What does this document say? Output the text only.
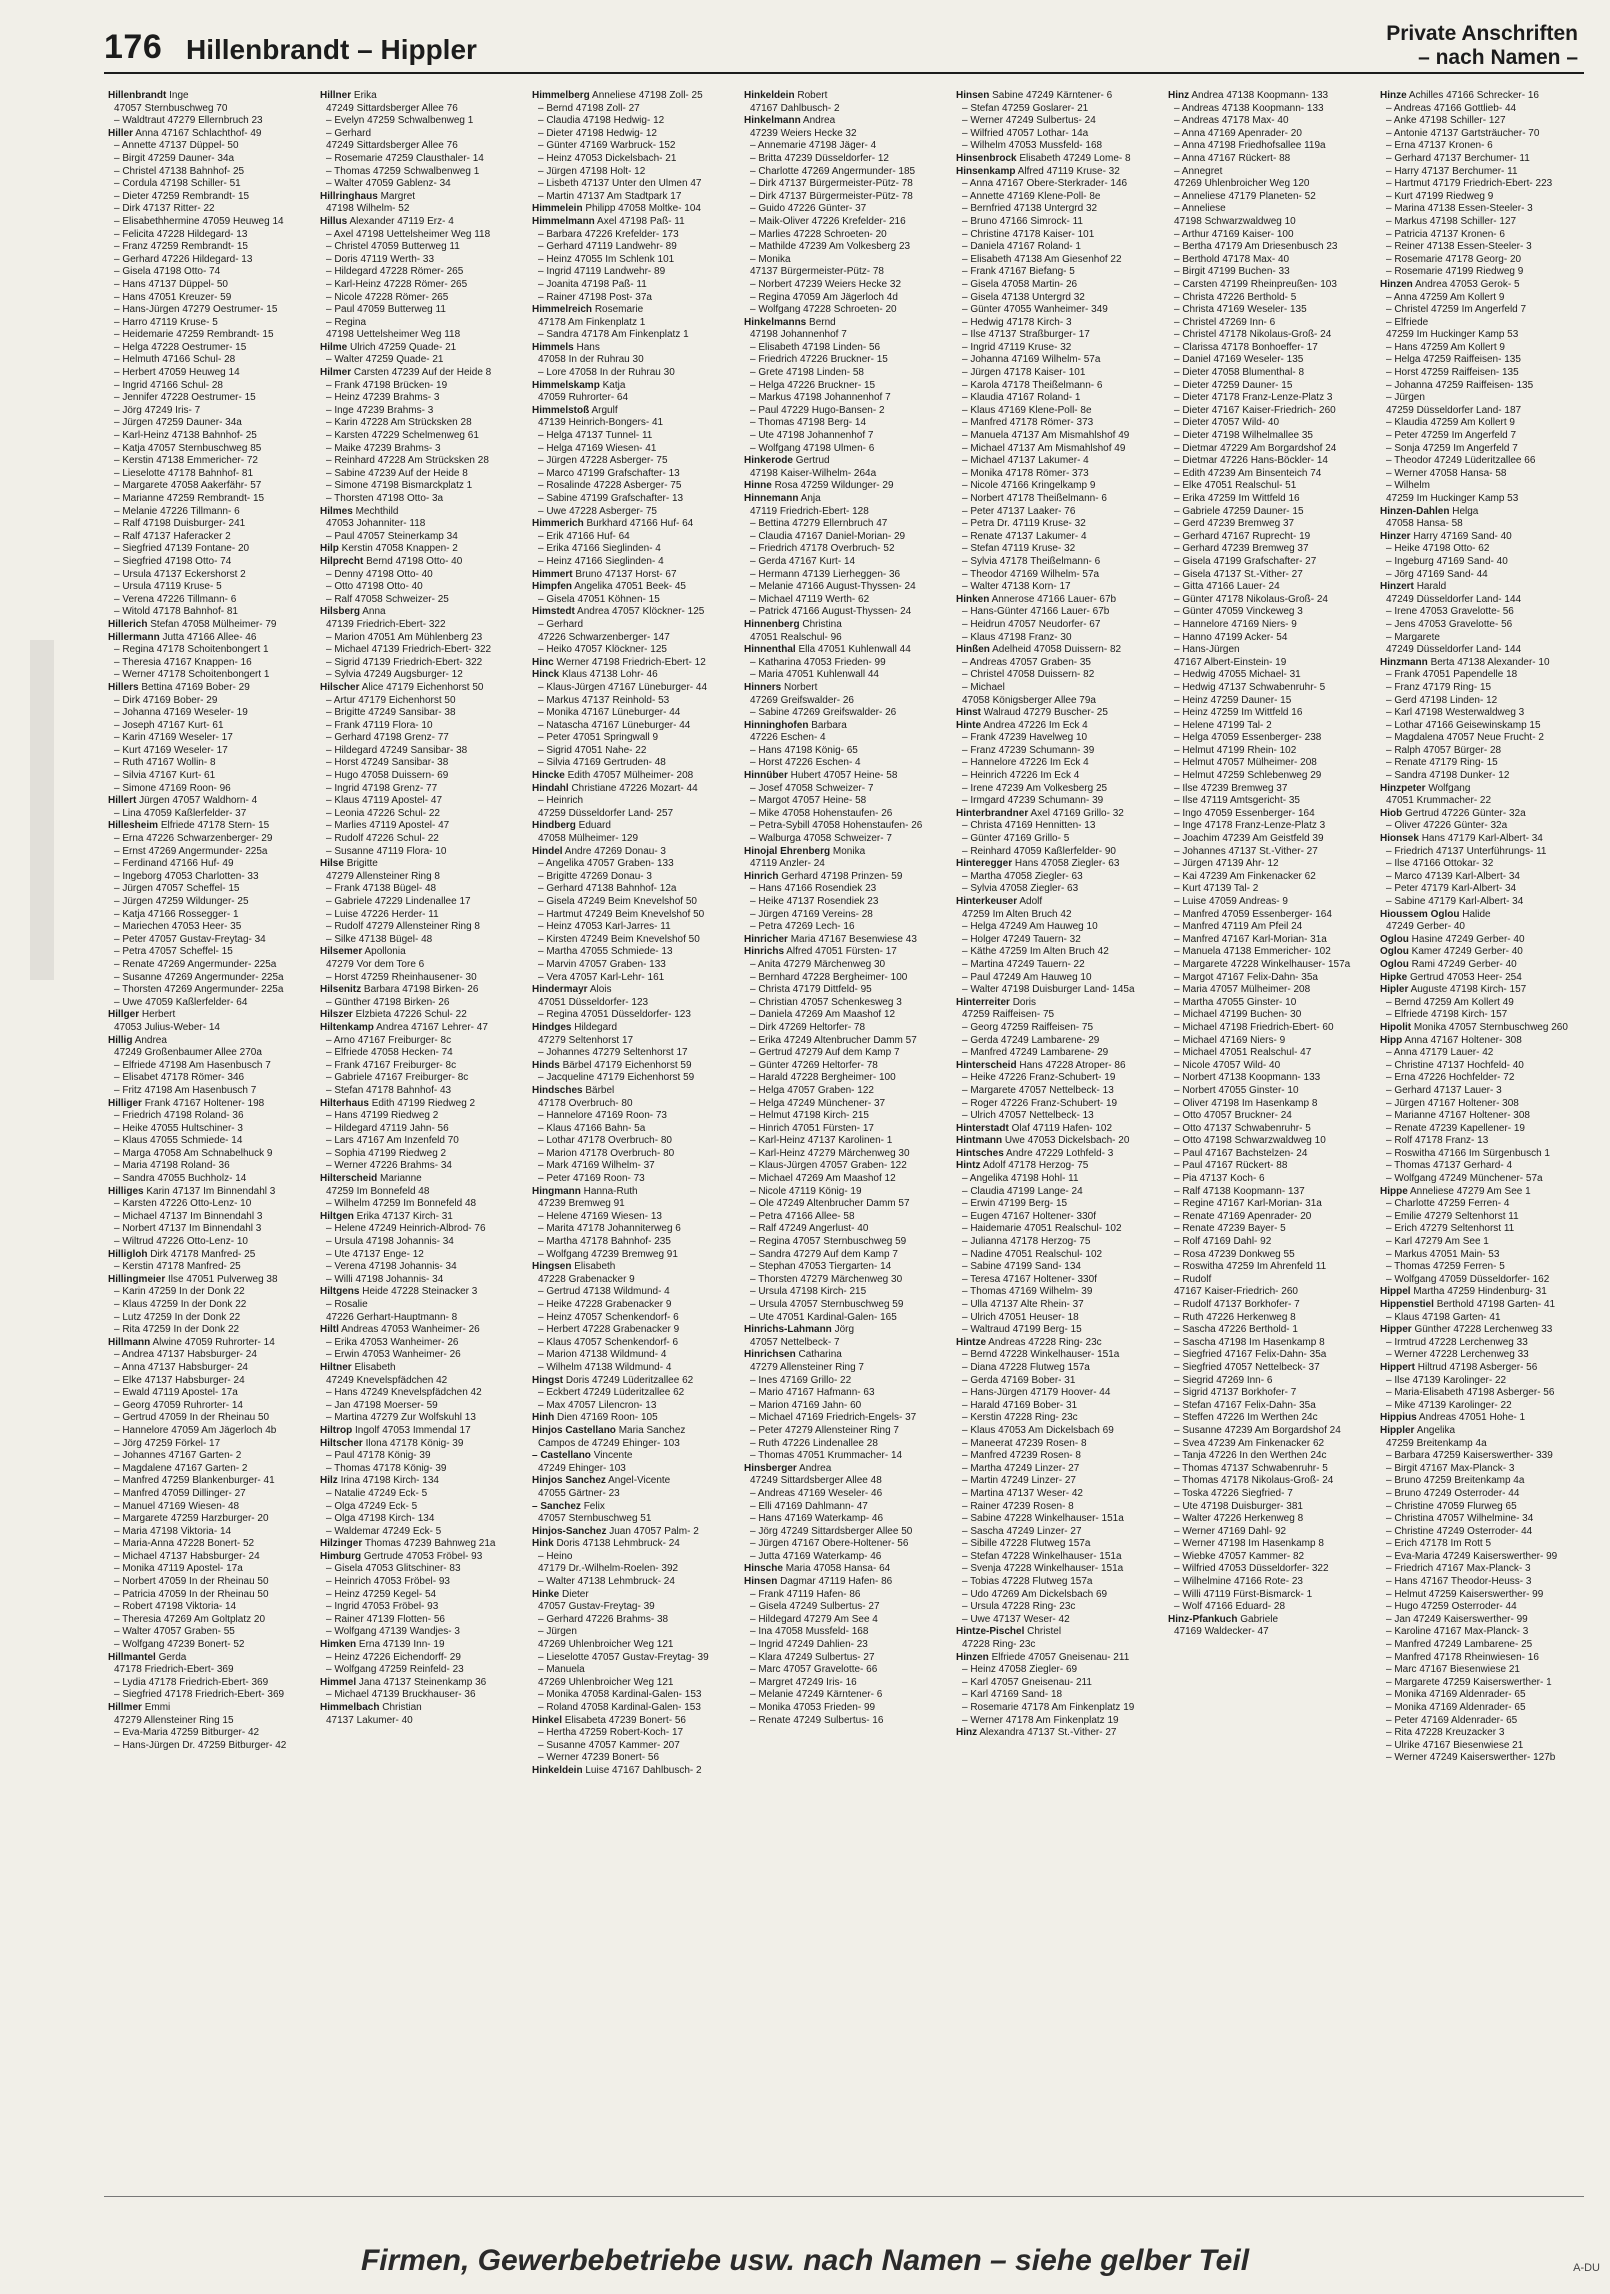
176 Hillenbrandt – Hippler
Private Anschriften
– nach Namen –
Hillenbrandt Inge
47057 Sternbuschweg 70
– Waldtraut 47279 Ellernbruch 23
Hiller Anna 47167 Schlachthof- 49
– Annette 47137 Düppel- 50
– Birgit 47259 Dauner- 34a
– Christel 47138 Bahnhof- 25
– Cordula 47198 Schiller- 51
– Dieter 47259 Rembrandt- 15
– Dirk 47137 Ritter- 22
– Elisabethhermine 47059 Heuweg 14
– Felicita 47228 Hildegard- 13
– Franz 47259 Rembrandt- 15
– Gerhard 47226 Hildegard- 13
– Gisela 47198 Otto- 74
– Hans 47137 Düppel- 50
– Hans 47051 Kreuzer- 59
– Hans-Jürgen 47279 Oestrumer- 15
– Harro 47119 Kruse- 5
– Heidemarie 47259 Rembrandt- 15
– Helga 47228 Oestrumer- 15
– Helmuth 47166 Schul- 28
– Herbert 47059 Heuweg 14
– Ingrid 47166 Schul- 28
– Jennifer 47228 Oestrumer- 15
– Jörg 47249 Iris- 7
– Jürgen 47259 Dauner- 34a
– Karl-Heinz 47138 Bahnhof- 25
– Katja 47057 Sternbuschweg 85
– Kerstin 47138 Emmericher- 72
– Lieselotte 47178 Bahnhof- 81
– Margarete 47058 Aakerfähr- 57
– Marianne 47259 Rembrandt- 15
– Melanie 47226 Tillmann- 6
– Ralf 47198 Duisburger- 241
– Ralf 47137 Haferacker 2
– Siegfried 47139 Fontane- 20
– Siegfried 47198 Otto- 74
– Ursula 47137 Eckershorst 2
– Ursula 47119 Kruse- 5
– Verena 47226 Tillmann- 6
– Witold 47178 Bahnhof- 81
Hillerich Stefan 47058 Mülheimer- 79
Hillermann Jutta 47166 Allee- 46
– Regina 47178 Schoitenbongert 1
– Theresia 47167 Knappen- 16
– Werner 47178 Schoitenbongert 1
Hillers Bettina 47169 Bober- 29
– Dirk 47169 Bober- 29
– Johanna 47169 Weseler- 19
– Joseph 47167 Kurt- 61
– Karin 47169 Weseler- 17
– Kurt 47169 Weseler- 17
– Ruth 47167 Wollin- 8
– Silvia 47167 Kurt- 61
– Simone 47169 Roon- 96
Hillert Jürgen 47057 Waldhorn- 4
– Lina 47059 Kaßlerfelder- 37
Hillesheim Elfriede 47178 Stern- 15
– Erna 47226 Schwarzenberger- 29
– Ernst 47269 Angermunder- 225a
– Ferdinand 47166 Huf- 49
– Ingeborg 47053 Charlotten- 33
– Jürgen 47057 Scheffel- 15
– Jürgen 47259 Wildunger- 25
– Katja 47166 Rossegger- 1
– Mariechen 47053 Heer- 35
– Peter 47057 Gustav-Freytag- 34
– Petra 47057 Scheffel- 15
– Renate 47269 Angermunder- 225a
– Susanne 47269 Angermunder- 225a
– Thorsten 47269 Angermunder- 225a
– Uwe 47059 Kaßlerfelder- 64
Hillger Herbert
47053 Julius-Weber- 14
Hillig Andrea
47249 Großenbaumer Allee 270a
– Elfriede 47198 Am Hasenbusch 7
– Elisabet 47178 Römer- 346
– Fritz 47198 Am Hasenbusch 7
Hilliger Frank 47167 Holtener- 198
– Friedrich 47198 Roland- 36
– Heike 47055 Hultschiner- 3
– Klaus 47055 Schmiede- 14
– Marga 47058 Am Schnabelhuck 9
– Maria 47198 Roland- 36
– Sandra 47055 Buchholz- 14
Hilliges Karin 47137 Im Binnendahl 3
– Karsten 47226 Otto-Lenz- 10
– Michael 47137 Im Binnendahl 3
– Norbert 47137 Im Binnendahl 3
– Wiltrud 47226 Otto-Lenz- 10
Hilligloh Dirk 47178 Manfred- 25
– Kerstin 47178 Manfred- 25
Hillingmeier Ilse 47051 Pulverweg 38
– Karin 47259 In der Donk 22
– Klaus 47259 In der Donk 22
– Lutz 47259 In der Donk 22
– Rita 47259 In der Donk 22
Hillmann Alwine 47059 Ruhrorter- 14
– Andrea 47137 Habsburger- 24
– Anna 47137 Habsburger- 24
– Elke 47137 Habsburger- 24
– Ewald 47119 Apostel- 17a
– Georg 47059 Ruhrorter- 14
– Gertrud 47059 In der Rheinau 50
– Hannelore 47059 Am Jägerloch 4b
– Jörg 47259 Förkel- 17
– Johannes 47167 Garten- 2
– Magdalene 47167 Garten- 2
– Manfred 47259 Blankenburger- 41
– Manfred 47059 Dillinger- 27
– Manuel 47169 Wiesen- 48
– Margarete 47259 Harzburger- 20
– Maria 47198 Viktoria- 14
– Maria-Anna 47228 Bonert- 52
– Michael 47137 Habsburger- 24
– Monika 47119 Apostel- 17a
– Norbert 47059 In der Rheinau 50
– Patricia 47059 In der Rheinau 50
– Robert 47198 Viktoria- 14
– Theresia 47269 Am Goltplatz 20
– Walter 47057 Graben- 55
– Wolfgang 47239 Bonert- 52
Hillmantel Gerda
47178 Friedrich-Ebert- 369
– Lydia 47178 Friedrich-Ebert- 369
– Siegfried 47178 Friedrich-Ebert- 369
Hillmer Emmi
47279 Allensteiner Ring 15
– Eva-Maria 47259 Bitburger- 42
– Hans-Jürgen Dr. 47259 Bitburger- 42
Hillner Erika
47249 Sittardsberger Allee 76
– Evelyn 47259 Schwalbenweg 1
– Gerhard
47249 Sittardsberger Allee 76
– Rosemarie 47259 Clausthaler- 14
– Thomas 47259 Schwalbenweg 1
– Walter 47059 Gablenz- 34
Hillringhaus Margret
47198 Wilhelm- 52
Hillus Alexander 47119 Erz- 4
– Axel 47198 Uettelsheimer Weg 118
– Christel 47059 Butterweg 11
– Doris 47119 Werth- 33
– Hildegard 47228 Römer- 265
– Karl-Heinz 47228 Römer- 265
– Nicole 47228 Römer- 265
– Paul 47059 Butterweg 11
– Regina
47198 Uettelsheimer Weg 118
Hilme Ulrich 47259 Quade- 21
– Walter 47259 Quade- 21
Hilmer Carsten 47239 Auf der Heide 8
– Frank 47198 Brücken- 19
– Heinz 47239 Brahms- 3
– Inge 47239 Brahms- 3
– Karin 47228 Am Strücksken 28
– Karsten 47229 Schelmenweg 61
– Maike 47239 Brahms- 3
– Reinhard 47228 Am Strücksken 28
– Sabine 47239 Auf der Heide 8
– Simone 47198 Bismarckplatz 1
– Thorsten 47198 Otto- 3a
Hilmes Mechthild
47053 Johanniter- 118
– Paul 47057 Steinerkamp 34
Hilp Kerstin 47058 Knappen- 2
Hilprecht Bernd 47198 Otto- 40
– Denny 47198 Otto- 40
– Otto 47198 Otto- 40
– Ralf 47058 Schweizer- 25
Hilsberg Anna
47139 Friedrich-Ebert- 322
– Marion 47051 Am Mühlenberg 23
– Michael 47139 Friedrich-Ebert- 322
– Sigrid 47139 Friedrich-Ebert- 322
– Sylvia 47249 Augsburger- 12
Hilscher Alice 47179 Eichenhorst 50
– Artur 47179 Eichenhorst 50
– Brigitte 47249 Sansibar- 38
– Frank 47119 Flora- 10
– Gerhard 47198 Grenz- 77
– Hildegard 47249 Sansibar- 38
– Horst 47249 Sansibar- 38
– Hugo 47058 Duissern- 69
– Ingrid 47198 Grenz- 77
– Klaus 47119 Apostel- 47
– Leonia 47226 Schul- 22
– Marlies 47119 Apostel- 47
– Rudolf 47226 Schul- 22
– Susanne 47119 Flora- 10
Hilse Brigitte
47279 Allensteiner Ring 8
– Frank 47138 Bügel- 48
– Gabriele 47229 Lindenallee 17
– Luise 47226 Herder- 11
– Rudolf 47279 Allensteiner Ring 8
– Silke 47138 Bügel- 48
Hilsemer Apollonia
47279 Vor dem Tore 6
– Horst 47259 Rheinhausener- 30
Hilsenitz Barbara 47198 Birken- 26
– Günther 47198 Birken- 26
Hilszer Elzbieta 47226 Schul- 22
Hiltenkamp Andrea 47167 Lehrer- 47
– Arno 47167 Freiburger- 8c
– Elfriede 47058 Hecken- 74
– Frank 47167 Freiburger- 8c
– Gabriele 47167 Freiburger- 8c
– Stefan 47178 Bahnhof- 43
Hilterhaus Edith 47199 Riedweg 2
– Hans 47199 Riedweg 2
– Hildegard 47119 Jahn- 56
– Lars 47167 Am Inzenfeld 70
– Sophia 47199 Riedweg 2
– Werner 47226 Brahms- 34
Hilterscheid Marianne
47259 Im Bonnefeld 48
– Wilhelm 47259 Im Bonnefeld 48
Hiltgen Erika 47137 Kirch- 31
– Helene 47249 Heinrich-Albrod- 76
– Ursula 47198 Johannis- 34
– Ute 47137 Enge- 12
– Verena 47198 Johannis- 34
– Willi 47198 Johannis- 34
Hiltgens Heide 47228 Steinacker 3
– Rosalie
47226 Gerhart-Hauptmann- 8
Hiltl Andreas 47053 Wanheimer- 26
– Erika 47053 Wanheimer- 26
– Erwin 47053 Wanheimer- 26
Hiltner Elisabeth
47249 Knevelspfädchen 42
– Hans 47249 Knevelspfädchen 42
– Jan 47198 Moerser- 59
– Martina 47279 Zur Wolfskuhl 13
Hiltrop Ingolf 47053 Immendal 17
Hiltscher Ilona 47178 König- 39
– Paul 47178 König- 39
– Thomas 47178 König- 39
Hilz Irina 47198 Kirch- 134
– Natalie 47249 Eck- 5
– Olga 47249 Eck- 5
– Olga 47198 Kirch- 134
– Waldemar 47249 Eck- 5
Hilzinger Thomas 47239 Bahnweg 21a
Himburg Gertrude 47053 Fröbel- 93
– Gisela 47053 Glitschiner- 83
– Heinrich 47053 Fröbel- 93
– Heinz 47259 Kegel- 54
– Ingrid 47053 Fröbel- 93
– Rainer 47139 Flotten- 56
– Wolfgang 47139 Wandjes- 3
Himken Erna 47139 Inn- 19
– Heinz 47226 Eichendorff- 29
– Wolfgang 47259 Reinfeld- 23
Himmel Jana 47137 Steinenkamp 36
– Michael 47139 Bruckhauser- 36
Himmelbach Christian
47137 Lakumer- 40
Himmelberg Anneliese 47198 Zoll- 25
– Bernd 47198 Zoll- 27
– Claudia 47198 Hedwig- 12
– Dieter 47198 Hedwig- 12
– Günter 47169 Warbruck- 152
– Heinz 47053 Dickelsbach- 21
– Jürgen 47198 Holt- 12
– Lisbeth 47137 Unter den Ulmen 47
– Martin 47137 Am Stadtpark 17
Himmelein Philipp 47058 Moltke- 104
Himmelmann Axel 47198 Paß- 11
– Barbara 47226 Krefelder- 173
– Gerhard 47119 Landwehr- 89
– Heinz 47055 Im Schlenk 101
– Ingrid 47119 Landwehr- 89
– Joanita 47198 Paß- 11
– Rainer 47198 Post- 37a
Himmelreich Rosemarie
47178 Am Finkenplatz 1
– Sandra 47178 Am Finkenplatz 1
Himmels Hans
47058 In der Ruhrau 30
– Lore 47058 In der Ruhrau 30
Himmelskamp Katja
47059 Ruhrorter- 64
Himmelstoß Argulf
47139 Heinrich-Bongers- 41
– Helga 47137 Tunnel- 11
– Helga 47169 Wiesen- 41
– Jürgen 47228 Asberger- 75
– Marco 47199 Grafschafter- 13
– Rosalinde 47228 Asberger- 75
– Sabine 47199 Grafschafter- 13
– Uwe 47228 Asberger- 75
Himmerich Burkhard 47166 Huf- 64
– Erik 47166 Huf- 64
– Erika 47166 Sieglinden- 4
– Heinz 47166 Sieglinden- 4
Himmert Bruno 47137 Horst- 67
Himpfen Angelika 47051 Beek- 45
– Gisela 47051 Köhnen- 15
Himstedt Andrea 47057 Klöckner- 125
– Gerhard
47226 Schwarzenberger- 147
– Heiko 47057 Klöckner- 125
Hinc Werner 47198 Friedrich-Ebert- 12
Hinck Klaus 47138 Lohr- 46
– Klaus-Jürgen 47167 Lüneburger- 44
– Markus 47137 Reinhold- 53
– Monika 47167 Lüneburger- 44
– Natascha 47167 Lüneburger- 44
– Peter 47051 Springwall 9
– Sigrid 47051 Nahe- 22
– Silvia 47169 Gertruden- 48
Hincke Edith 47057 Mülheimer- 208
Hindahl Christiane 47226 Mozart- 44
– Heinrich
47259 Düsseldorfer Land- 257
Hindberg Eduard
47058 Mülheimer- 129
Hindel Andre 47269 Donau- 3
– Angelika 47057 Graben- 133
– Brigitte 47269 Donau- 3
– Gerhard 47138 Bahnhof- 12a
– Gisela 47249 Beim Knevelshof 50
– Hartmut 47249 Beim Knevelshof 50
– Heinz 47053 Karl-Jarres- 11
– Kirsten 47249 Beim Knevelshof 50
– Martha 47055 Schmiede- 13
– Marvin 47057 Graben- 133
– Vera 47057 Karl-Lehr- 161
Hindermayr Alois
47051 Düsseldorfer- 123
– Regina 47051 Düsseldorfer- 123
Hindges Hildegard
47279 Seltenhorst 17
– Johannes 47279 Seltenhorst 17
Hinds Bärbel 47179 Eichenhorst 59
– Jacqueline 47179 Eichenhorst 59
Hindsches Bärbel
47178 Overbruch- 80
– Hannelore 47169 Roon- 73
– Klaus 47166 Bahn- 5a
– Lothar 47178 Overbruch- 80
– Marion 47178 Overbruch- 80
– Mark 47169 Wilhelm- 37
– Peter 47169 Roon- 73
Hingmann Hanna-Ruth
47239 Bremweg 91
– Helene 47169 Wiesen- 13
– Marita 47178 Johanniterweg 6
– Martha 47178 Bahnhof- 235
– Wolfgang 47239 Bremweg 91
Hingsen Elisabeth
47228 Grabenacker 9
– Gertrud 47138 Wildmund- 4
– Heike 47228 Grabenacker 9
– Heinz 47057 Schenkendorf- 6
– Herbert 47228 Grabenacker 9
– Klaus 47057 Schenkendorf- 6
– Marion 47138 Wildmund- 4
– Wilhelm 47138 Wildmund- 4
Hingst Doris 47249 Lüderitzallee 62
– Eckbert 47249 Lüderitzallee 62
– Max 47057 Lilencron- 13
Hinh Dien 47169 Roon- 105
Hinjos Castellano Maria Sanchez
Campos de 47249 Ehinger- 103
– Castellano Vincente
47249 Ehinger- 103
Hinjos Sanchez Angel-Vicente
47055 Gärtner- 23
– Sanchez Felix
47057 Sternbuschweg 51
Hinjos-Sanchez Juan 47057 Palm- 2
Hink Doris 47138 Lehmbruck- 24
– Heino
47179 Dr.-Wilhelm-Roelen- 392
– Walter 47138 Lehmbruck- 24
Hinke Dieter
47057 Gustav-Freytag- 39
– Gerhard 47226 Brahms- 38
– Jürgen
47269 Uhlenbroicher Weg 121
– Lieselotte 47057 Gustav-Freytag- 39
– Manuela
47269 Uhlenbroicher Weg 121
– Monika 47058 Kardinal-Galen- 153
– Roland 47058 Kardinal-Galen- 153
Hinkel Elisabeta 47239 Bonert- 56
– Hertha 47259 Robert-Koch- 17
– Susanne 47057 Kammer- 207
– Werner 47239 Bonert- 56
Hinkeldein Luise 47167 Dahlbusch- 2
Hinkeldein Robert
47167 Dahlbusch- 2
Hinkelmann Andrea
47239 Weiers Hecke 32
– Annemarie 47198 Jäger- 4
– Britta 47239 Düsseldorfer- 12
– Charlotte 47269 Angermunder- 185
– Dirk 47137 Bürgermeister-Pütz- 78
– Dirk 47137 Bürgermeister-Pütz- 78
– Guido 47226 Günter- 37
– Maik-Oliver 47226 Krefelder- 216
– Marlies 47228 Schroeten- 20
– Mathilde 47239 Am Volkesberg 23
– Monika
47137 Bürgermeister-Pütz- 78
– Norbert 47239 Weiers Hecke 32
– Regina 47059 Am Jägerloch 4d
– Wolfgang 47228 Schroeten- 20
Hinkelmanns Bernd
47198 Johannenhof 7
– Elisabeth 47198 Linden- 56
– Friedrich 47226 Bruckner- 15
– Grete 47198 Linden- 58
– Helga 47226 Bruckner- 15
– Markus 47198 Johannenhof 7
– Paul 47229 Hugo-Bansen- 2
– Thomas 47198 Berg- 14
– Ute 47198 Johannenhof 7
– Wolfgang 47198 Ulmen- 6
Hinkerode Gertrud
47198 Kaiser-Wilhelm- 264a
Hinne Rosa 47259 Wildunger- 29
Hinnemann Anja
47119 Friedrich-Ebert- 128
– Bettina 47279 Ellernbruch 47
– Claudia 47167 Daniel-Morian- 29
– Friedrich 47178 Overbruch- 52
– Gerda 47167 Kurt- 14
– Hermann 47139 Lierheggen- 36
– Melanie 47166 August-Thyssen- 24
– Michael 47119 Werth- 62
– Patrick 47166 August-Thyssen- 24
Hinnenberg Christina
47051 Realschul- 96
Hinnenthal Ella 47051 Kuhlenwall 44
– Katharina 47053 Frieden- 99
– Maria 47051 Kuhlenwall 44
Hinners Norbert
47269 Greifswalder- 26
– Sabine 47269 Greifswalder- 26
Hinninghofen Barbara
47226 Eschen- 4
– Hans 47198 König- 65
– Horst 47226 Eschen- 4
Hinnüber Hubert 47057 Heine- 58
– Josef 47058 Schweizer- 7
– Margot 47057 Heine- 58
– Mike 47058 Hohenstaufen- 26
– Petra-Sybill 47058 Hohenstaufen- 26
– Walburga 47058 Schweizer- 7
Hinojal Ehrenberg Monika
47119 Anzler- 24
Hinrich Gerhard 47198 Prinzen- 59
– Hans 47166 Rosendiek 23
– Heike 47137 Rosendiek 23
– Jürgen 47169 Vereins- 28
– Petra 47269 Lech- 16
Hinricher Maria 47167 Besenwiese 43
Hinrichs Alfred 47051 Fürsten- 17
– Anita 47279 Märchenweg 30
– Bernhard 47228 Bergheimer- 100
– Christa 47179 Dittfeld- 95
– Christian 47057 Schenkesweg 3
– Daniela 47269 Am Maashof 12
– Dirk 47269 Heltorfer- 78
– Erika 47249 Altenbrucher Damm 57
– Gertrud 47279 Auf dem Kamp 7
– Günter 47269 Heltorfer- 78
– Harald 47228 Bergheimer- 100
– Helga 47057 Graben- 122
– Helga 47249 Münchener- 37
– Helmut 47198 Kirch- 215
– Hinrich 47051 Fürsten- 17
– Karl-Heinz 47137 Karolinen- 1
– Karl-Heinz 47279 Märchenweg 30
– Klaus-Jürgen 47057 Graben- 122
– Michael 47269 Am Maashof 12
– Nicole 47119 König- 19
– Ole 47249 Altenbrucher Damm 57
– Petra 47166 Allee- 58
– Ralf 47249 Angerlust- 40
– Regina 47057 Sternbuschweg 59
– Sandra 47279 Auf dem Kamp 7
– Stephan 47053 Tiergarten- 14
– Thorsten 47279 Märchenweg 30
– Ursula 47198 Kirch- 215
– Ursula 47057 Sternbuschweg 59
– Ute 47051 Kardinal-Galen- 165
Hinrichs-Lahmann Jörg
47057 Nettelbeck- 7
Hinrichsen Catharina
47279 Allensteiner Ring 7
– Ines 47169 Grillo- 22
– Mario 47167 Hafmann- 63
– Marion 47169 Jahn- 60
– Michael 47169 Friedrich-Engels- 37
– Peter 47279 Allensteiner Ring 7
– Ruth 47226 Lindenallee 28
– Thomas 47051 Krummacher- 14
Hinsberger Andrea
47249 Sittardsberger Allee 48
– Andreas 47169 Weseler- 46
– Elli 47169 Dahlmann- 47
– Hans 47169 Waterkamp- 46
– Jörg 47249 Sittardsberger Allee 50
– Jürgen 47167 Obere-Holtener- 56
– Jutta 47169 Waterkamp- 46
Hinsche Maria 47058 Hansa- 64
Hinsen Dagmar 47119 Hafen- 86
– Frank 47119 Hafen- 86
– Gisela 47249 Sulbertus- 27
– Hildegard 47279 Am See 4
– Ina 47058 Mussfeld- 168
– Ingrid 47249 Dahlien- 23
– Klara 47249 Sulbertus- 27
– Marc 47057 Gravelotte- 66
– Margret 47249 Iris- 16
– Melanie 47249 Kärntener- 6
– Monika 47053 Frieden- 99
– Renate 47249 Sulbertus- 16
Hinsen Sabine 47249 Kärntener- 6
– Stefan 47259 Goslarer- 21
– Werner 47249 Sulbertus- 24
– Wilfried 47057 Lothar- 14a
– Wilhelm 47053 Mussfeld- 168
Hinsenbrock Elisabeth 47249 Lome- 8
Hinsenkamp Alfred 47119 Kruse- 32
– Anna 47167 Obere-Sterkrader- 146
– Annette 47169 Klene-Poll- 8e
– Bernfried 47138 Untergrd 32
– Bruno 47166 Simrock- 11
– Christine 47178 Kaiser- 101
– Daniela 47167 Roland- 1
– Elisabeth 47138 Am Giesenhof 22
– Frank 47167 Biefang- 5
– Gisela 47058 Martin- 26
– Gisela 47138 Untergrd 32
– Günter 47055 Wanheimer- 349
– Hedwig 47178 Kirch- 3
– Ilse 47137 Straßburger- 17
– Ingrid 47119 Kruse- 32
– Johanna 47169 Wilhelm- 57a
– Jürgen 47178 Kaiser- 101
– Karola 47178 Theißelmann- 6
– Klaudia 47167 Roland- 1
– Klaus 47169 Klene-Poll- 8e
– Manfred 47178 Römer- 373
– Manuela 47137 Am Mismahlshof 49
– Michael 47137 Am Mismahlshof 49
– Michael 47137 Lakumer- 4
– Monika 47178 Römer- 373
– Nicole 47166 Kringelkamp 9
– Norbert 47178 Theißelmann- 6
– Peter 47137 Laaker- 76
– Petra Dr. 47119 Kruse- 32
– Renate 47137 Lakumer- 4
– Stefan 47119 Kruse- 32
– Sylvia 47178 Theißelmann- 6
– Theodor 47169 Wilhelm- 57a
– Walter 47138 Korn- 17
Hinken Annerose 47166 Lauer- 67b
– Hans-Günter 47166 Lauer- 67b
– Heidrun 47057 Neudorfer- 67
– Klaus 47198 Franz- 30
Hinßen Adelheid 47058 Duissern- 82
– Andreas 47057 Graben- 35
– Christel 47058 Duissern- 82
– Michael
47058 Königsberger Allee 79a
Hinst Walraud 47279 Buscher- 25
Hinte Andrea 47226 Im Eck 4
– Frank 47239 Havelweg 10
– Franz 47239 Schumann- 39
– Hannelore 47226 Im Eck 4
– Heinrich 47226 Im Eck 4
– Irene 47239 Am Volkesberg 25
– Irmgard 47239 Schumann- 39
Hinterbrandner Axel 47169 Grillo- 32
– Christa 47169 Hennitten- 13
– Günter 47169 Grillo- 5
– Reinhard 47059 Kaßlerfelder- 90
Hinteregger Hans 47058 Ziegler- 63
– Martha 47058 Ziegler- 63
– Sylvia 47058 Ziegler- 63
Hinterkeuser Adolf
47259 Im Alten Bruch 42
– Helga 47249 Am Hauweg 10
– Holger 47249 Tauern- 32
– Käthe 47259 Im Alten Bruch 42
– Martina 47249 Tauern- 22
– Paul 47249 Am Hauweg 10
– Walter 47198 Duisburger Land- 145a
Hinterreiter Doris
47259 Raiffeisen- 75
– Georg 47259 Raiffeisen- 75
– Gerda 47249 Lambarene- 29
– Manfred 47249 Lambarene- 29
Hinterscheid Hans 47228 Atroper- 86
– Heike 47226 Franz-Schubert- 19
– Margarete 47057 Nettelbeck- 13
– Roger 47226 Franz-Schubert- 19
– Ulrich 47057 Nettelbeck- 13
Hinterstadt Olaf 47119 Hafen- 102
Hintmann Uwe 47053 Dickelsbach- 20
Hintsches Andre 47229 Lothfeld- 3
Hintz Adolf 47178 Herzog- 75
– Angelika 47198 Hohl- 11
– Claudia 47199 Lange- 24
– Erwin 47199 Berg- 15
– Eugen 47167 Holtener- 330f
– Haidemarie 47051 Realschul- 102
– Julianna 47178 Herzog- 75
– Nadine 47051 Realschul- 102
– Sabine 47199 Sand- 134
– Teresa 47167 Holtener- 330f
– Thomas 47169 Wilhelm- 39
– Ulla 47137 Alte Rhein- 37
– Ulrich 47051 Heuser- 18
– Waltraud 47199 Berg- 15
Hintze Andreas 47228 Ring- 23c
– Bernd 47228 Winkelhauser- 151a
– Diana 47228 Flutweg 157a
– Gerda 47169 Bober- 31
– Hans-Jürgen 47179 Hoover- 44
– Harald 47169 Bober- 31
– Kerstin 47228 Ring- 23c
– Klaus 47053 Am Dickelsbach 69
– Maneerat 47239 Rosen- 8
– Manfred 47239 Rosen- 8
– Martha 47249 Linzer- 27
– Martin 47249 Linzer- 27
– Martina 47137 Weser- 42
– Rainer 47239 Rosen- 8
– Sabine 47228 Winkelhauser- 151a
– Sascha 47249 Linzer- 27
– Sibille 47228 Flutweg 157a
– Stefan 47228 Winkelhauser- 151a
– Svenja 47228 Winkelhauser- 151a
– Tobias 47228 Flutweg 157a
– Udo 47269 Am Dickelsbach 69
– Ursula 47228 Ring- 23c
– Uwe 47137 Weser- 42
Hintze-Pischel Christel
47228 Ring- 23c
Hinzen Elfriede 47057 Gneisenau- 211
– Heinz 47058 Ziegler- 69
– Karl 47057 Gneisenau- 211
– Karl 47169 Sand- 18
– Rosemarie 47178 Am Finkenplatz 19
– Werner 47178 Am Finkenplatz 19
Hinz Alexandra 47137 St.-Vither- 27
Hinz Andrea 47138 Koopmann- 133
– Andreas 47138 Koopmann- 133
– Andreas 47178 Max- 40
– Anna 47169 Apenrader- 20
– Anna 47198 Friedhofsallee 119a
– Anna 47167 Rückert- 88
– Annegret
47269 Uhlenbroicher Weg 120
– Anneliese 47179 Planeten- 52
– Anneliese
47198 Schwarzwaldweg 10
– Arthur 47169 Kaiser- 100
– Bertha 47179 Am Driesenbusch 23
– Berthold 47178 Max- 40
– Birgit 47199 Buchen- 33
– Carsten 47199 Rheinpreußen- 103
– Christa 47226 Berthold- 5
– Christa 47169 Weseler- 135
– Christel 47269 Inn- 6
– Christel 47178 Nikolaus-Groß- 24
– Clarissa 47178 Bonhoeffer- 17
– Daniel 47169 Weseler- 135
– Dieter 47058 Blumenthal- 8
– Dieter 47259 Dauner- 15
– Dieter 47178 Franz-Lenze-Platz 3
– Dieter 47167 Kaiser-Friedrich- 260
– Dieter 47057 Wild- 40
– Dieter 47198 Wilhelmallee 35
– Dietmar 47229 Am Borgardshof 24
– Dietmar 47226 Hans-Böckler- 14
– Edith 47239 Am Binsenteich 74
– Elke 47051 Realschul- 51
– Erika 47259 Im Wittfeld 16
– Gabriele 47259 Dauner- 15
– Gerd 47239 Bremweg 37
– Gerhard 47167 Ruprecht- 19
– Gerhard 47239 Bremweg 37
– Gisela 47199 Grafschafter- 27
– Gisela 47137 St.-Vither- 27
– Gitta 47166 Lauer- 24
– Günter 47178 Nikolaus-Groß- 24
– Günter 47059 Vinckeweg 3
– Hannelore 47169 Niers- 9
– Hanno 47199 Acker- 54
– Hans-Jürgen
47167 Albert-Einstein- 19
– Hedwig 47055 Michael- 31
– Hedwig 47137 Schwabenruhr- 5
– Heinz 47259 Dauner- 15
– Heinz 47259 Im Wittfeld 16
– Helene 47199 Tal- 2
– Helga 47059 Essenberger- 238
– Helmut 47199 Rhein- 102
– Helmut 47057 Mülheimer- 208
– Helmut 47259 Schlebenweg 29
– Ilse 47239 Bremweg 37
– Ilse 47119 Amtsgericht- 35
– Ingo 47059 Essenberger- 164
– Inge 47178 Franz-Lenze-Platz 3
– Joachim 47239 Am Geistfeld 39
– Johannes 47137 St.-Vither- 27
– Jürgen 47139 Ahr- 12
– Kai 47239 Am Finkenacker 62
– Kurt 47139 Tal- 2
– Luise 47059 Andreas- 9
– Manfred 47059 Essenberger- 164
– Manfred 47119 Am Pfeil 24
– Manfred 47167 Karl-Morian- 31a
– Manuela 47138 Emmericher- 102
– Margarete 47228 Winkelhauser- 157a
– Margot 47167 Felix-Dahn- 35a
– Maria 47057 Mülheimer- 208
– Martha 47055 Ginster- 10
– Michael 47199 Buchen- 30
– Michael 47198 Friedrich-Ebert- 60
– Michael 47169 Niers- 9
– Michael 47051 Realschul- 47
– Nicole 47057 Wild- 40
– Norbert 47138 Koopmann- 133
– Norbert 47055 Ginster- 10
– Oliver 47198 Im Hasenkamp 8
– Otto 47057 Bruckner- 24
– Otto 47137 Schwabenruhr- 5
– Otto 47198 Schwarzwaldweg 10
– Paul 47167 Bachstelzen- 24
– Paul 47167 Rückert- 88
– Pia 47137 Koch- 6
– Ralf 47138 Koopmann- 137
– Regine 47167 Karl-Morian- 31a
– Renate 47169 Apenrader- 20
– Renate 47239 Bayer- 5
– Rolf 47169 Dahl- 92
– Rosa 47239 Donkweg 55
– Roswitha 47259 Im Ahrenfeld 11
– Rudolf
47167 Kaiser-Friedrich- 260
– Rudolf 47137 Borkhofer- 7
– Ruth 47226 Herkenweg 8
– Sascha 47226 Berthold- 1
– Sascha 47198 Im Hasenkamp 8
– Siegfried 47167 Felix-Dahn- 35a
– Siegfried 47057 Nettelbeck- 37
– Siegrid 47269 Inn- 6
– Sigrid 47137 Borkhofer- 7
– Stefan 47167 Felix-Dahn- 35a
– Steffen 47226 Im Werthen 24c
– Susanne 47239 Am Borgardshof 24
– Svea 47239 Am Finkenacker 62
– Tanja 47226 In den Werthen 24c
– Thomas 47137 Schwabenruhr- 5
– Thomas 47178 Nikolaus-Groß- 24
– Toska 47226 Siegfried- 7
– Ute 47198 Duisburger- 381
– Walter 47226 Herkenweg 8
– Werner 47169 Dahl- 92
– Werner 47198 Im Hasenkamp 8
– Wiebke 47057 Kammer- 82
– Wilfried 47053 Düsseldorfer- 322
– Wilhelmine 47166 Rote- 23
– Willi 47119 Fürst-Bismarck- 1
– Wolf 47166 Eduard- 28
Hinz-Pfankuch Gabriele
47169 Waldecker- 47
Hinze Achilles 47166 Schrecker- 16
– Andreas 47166 Gottlieb- 44
– Anke 47198 Schiller- 127
– Antonie 47137 Gartsträucher- 70
– Erna 47137 Kronen- 6
– Gerhard 47137 Berchumer- 11
– Harry 47137 Berchumer- 11
– Hartmut 47179 Friedrich-Ebert- 223
– Kurt 47199 Riedweg 9
– Marina 47138 Essen-Steeler- 3
– Markus 47198 Schiller- 127
– Patricia 47137 Kronen- 6
– Reiner 47138 Essen-Steeler- 3
– Rosemarie 47178 Georg- 20
– Rosemarie 47199 Riedweg 9
Hinzen Andrea 47053 Gerok- 5
– Anna 47259 Am Kollert 9
– Christel 47259 Im Angerfeld 7
– Elfriede
47259 Im Huckinger Kamp 53
– Hans 47259 Am Kollert 9
– Helga 47259 Raiffeisen- 135
– Horst 47259 Raiffeisen- 135
– Johanna 47259 Raiffeisen- 135
– Jürgen
47259 Düsseldorfer Land- 187
– Klaudia 47259 Am Kollert 9
– Peter 47259 Im Angerfeld 7
– Sonja 47259 Im Angerfeld 7
– Theodor 47249 Lüderitzallee 66
– Werner 47058 Hansa- 58
– Wilhelm
47259 Im Huckinger Kamp 53
Hinzen-Dahlen Helga
47058 Hansa- 58
Hinzer Harry 47169 Sand- 40
– Heike 47198 Otto- 62
– Ingeburg 47169 Sand- 40
– Jörg 47169 Sand- 44
Hinzert Harald
47249 Düsseldorfer Land- 144
– Irene 47053 Gravelotte- 56
– Jens 47053 Gravelotte- 56
– Margarete
47249 Düsseldorfer Land- 144
Hinzmann Berta 47138 Alexander- 10
– Frank 47051 Papendelle 18
– Franz 47179 Ring- 15
– Gerd 47198 Linden- 12
– Karl 47198 Westerwaldweg 3
– Lothar 47166 Geisewinskamp 15
– Magdalena 47057 Neue Frucht- 2
– Ralph 47057 Bürger- 28
– Renate 47179 Ring- 15
– Sandra 47198 Dunker- 12
Hinzpeter Wolfgang
47051 Krummacher- 22
Hiob Gertrud 47226 Günter- 32a
– Oliver 47226 Günter- 32a
Hionsek Hans 47179 Karl-Albert- 34
– Friedrich 47137 Unterführungs- 11
– Ilse 47166 Ottokar- 32
– Marco 47139 Karl-Albert- 34
– Peter 47179 Karl-Albert- 34
– Sabine 47179 Karl-Albert- 34
Hioussem Oglou Halide
47249 Gerber- 40
Oglou Hasine 47249 Gerber- 40
Oglou Kamer 47249 Gerber- 40
Oglou Rami 47249 Gerber- 40
Hipke Gertrud 47053 Heer- 254
Hipler Auguste 47198 Kirch- 157
– Bernd 47259 Am Kollert 49
– Elfriede 47198 Kirch- 157
Hipolit Monika 47057 Sternbuschweg 260
Hipp Anna 47167 Holtener- 308
– Anna 47179 Lauer- 42
– Christine 47137 Hochfeld- 40
– Erna 47226 Hochfelder- 72
– Gerhard 47137 Lauer- 3
– Jürgen 47167 Holtener- 308
– Marianne 47167 Holtener- 308
– Renate 47239 Kapellener- 19
– Rolf 47178 Franz- 13
– Roswitha 47166 Im Sürgenbusch 1
– Thomas 47137 Gerhard- 4
– Wolfgang 47249 Münchener- 57a
Hippe Anneliese 47279 Am See 1
– Charlotte 47259 Ferren- 4
– Emilie 47279 Seltenhorst 11
– Erich 47279 Seltenhorst 11
– Karl 47279 Am See 1
– Markus 47051 Main- 53
– Thomas 47259 Ferren- 5
– Wolfgang 47059 Düsseldorfer- 162
Hippel Martha 47259 Hindenburg- 31
Hippenstiel Berthold 47198 Garten- 41
– Klaus 47198 Garten- 41
Hipper Günther 47228 Lerchenweg 33
– Irmtrud 47228 Lerchenweg 33
– Werner 47228 Lerchenweg 33
Hippert Hiltrud 47198 Asberger- 56
– Ilse 47139 Karolinger- 22
– Maria-Elisabeth 47198 Asberger- 56
– Mike 47139 Karolinger- 22
Hippius Andreas 47051 Hohe- 1
Hippler Angelika
47259 Breitenkamp 4a
– Barbara 47259 Kaiserswerther- 339
– Birgit 47167 Max-Planck- 3
– Bruno 47259 Breitenkamp 4a
– Bruno 47249 Osterroder- 44
– Christine 47059 Flurweg 65
– Christina 47057 Wilhelmine- 34
– Christine 47249 Osterroder- 44
– Erich 47178 Im Rott 5
– Eva-Maria 47249 Kaiserswerther- 99
– Friedrich 47167 Max-Planck- 3
– Hans 47167 Theodor-Heuss- 3
– Helmut 47259 Kaiserswerther- 99
– Hugo 47259 Osterroder- 44
– Jan 47249 Kaiserswerther- 99
– Karoline 47167 Max-Planck- 3
– Manfred 47249 Lambarene- 25
– Manfred 47178 Rheinwiesen- 16
– Marc 47167 Biesenwiese 21
– Margarete 47259 Kaiserswerther- 1
– Monika 47169 Aldenrader- 65
– Monika 47169 Aldenrader- 65
– Peter 47169 Aldenrader- 65
– Rita 47228 Kreuzacker 3
– Ulrike 47167 Biesenwiese 21
– Werner 47249 Kaiserswerther- 127b
Firmen, Gewerbebetriebe usw. nach Namen – siehe gelber Teil	A-DU
